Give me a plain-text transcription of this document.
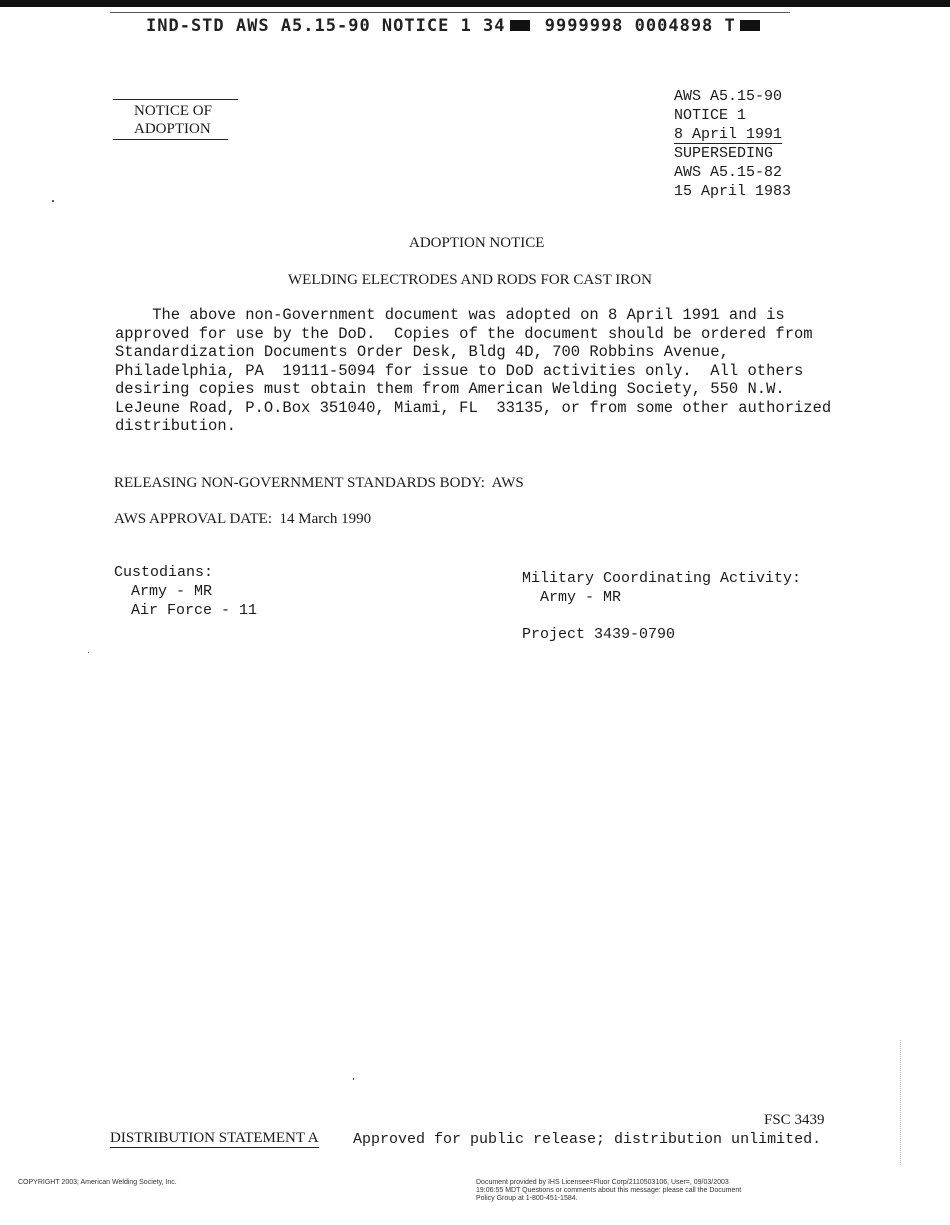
IND-STD AWS A5.15-90 NOTICE 1 34 9999998 0004898 T
NOTICE OF
ADOPTION
AWS A5.15-90
NOTICE 1
8 April 1991
SUPERSEDING
AWS A5.15-82
15 April 1983
ADOPTION NOTICE
WELDING ELECTRODES AND RODS FOR CAST IRON
The above non-Government document was adopted on 8 April 1991 and is
approved for use by the DoD.  Copies of the document should be ordered from
Standardization Documents Order Desk, Bldg 4D, 700 Robbins Avenue,
Philadelphia, PA  19111-5094 for issue to DoD activities only.  All others
desiring copies must obtain them from American Welding Society, 550 N.W.
LeJeune Road, P.O.Box 351040, Miami, FL  33135, or from some other authorized
distribution.
RELEASING NON-GOVERNMENT STANDARDS BODY: AWS
AWS APPROVAL DATE: 14 March 1990
Custodians:
Army - MR
Air Force - 11
Military Coordinating Activity:
Army - MR
Project 3439-0790
FSC 3439
DISTRIBUTION STATEMENT A Approved for public release; distribution unlimited.
COPYRIGHT 2003; American Welding Society, Inc.	Document provided by IHS Licensee=Fluor Corp/2110503106, User=, 09/03/2003
19:06:55 MDT Questions or comments about this message: please call the Document
Policy Group at 1-800-451-1584.
